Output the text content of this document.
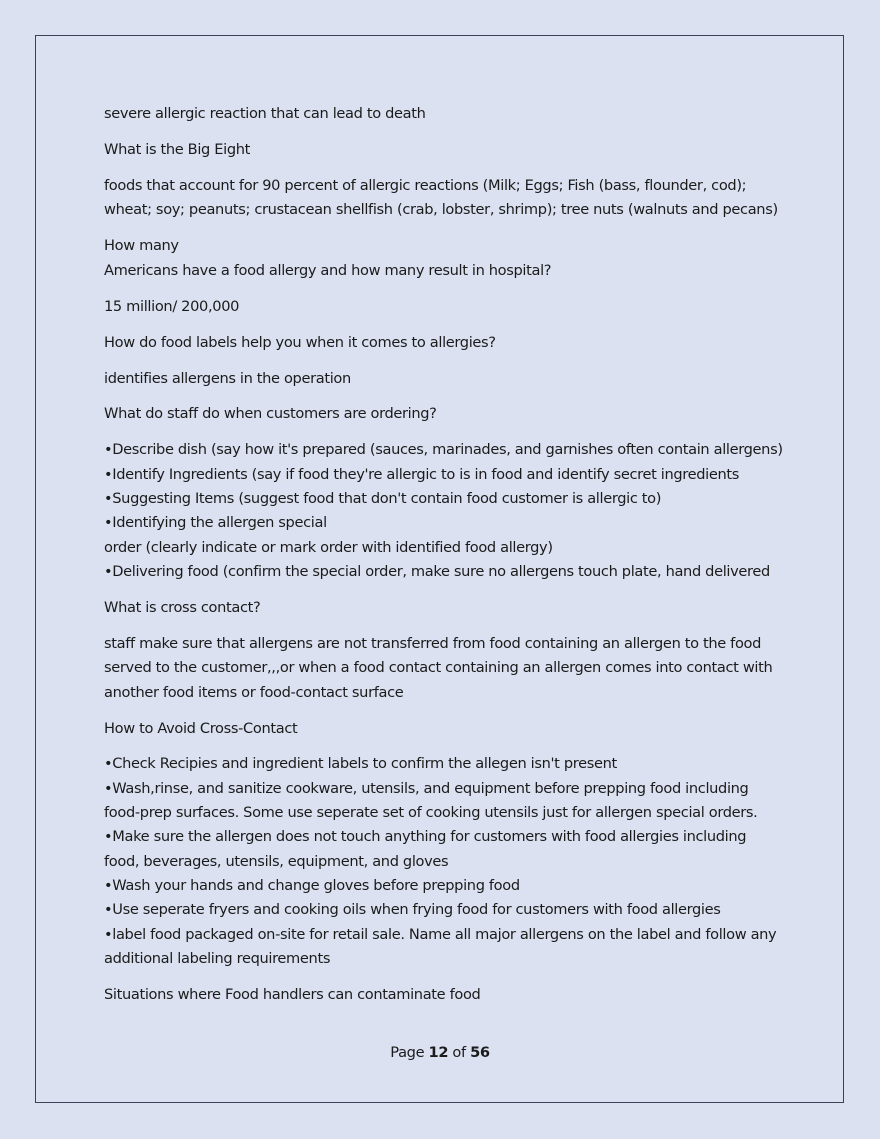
severe allergic reaction that can lead to death

What is the Big Eight

foods that account for 90 percent of allergic reactions (Milk; Eggs; Fish (bass, flounder, cod);
wheat; soy; peanuts; crustacean shellfish (crab, lobster, shrimp); tree nuts (walnuts and pecans)

How many
Americans have a food allergy and how many result in hospital?

15 million/ 200,000

How do food labels help you when it comes to allergies?

identifies allergens in the operation

What do staff do when customers are ordering?

•Describe dish (say how it's prepared (sauces, marinades, and garnishes often contain allergens)
•Identify Ingredients (say if food they're allergic to is in food and identify secret ingredients
•Suggesting Items (suggest food that don't contain food customer is allergic to)
•Identifying the allergen special
order (clearly indicate or mark order with identified food allergy)
•Delivering food (confirm the special order, make sure no allergens touch plate, hand delivered

What is cross contact?

staff make sure that allergens are not transferred from food containing an allergen to the food
served to the customer,,,or when a food contact containing an allergen comes into contact with
another food items or food-contact surface

How to Avoid Cross-Contact

•Check Recipies and ingredient labels to confirm the allegen isn't present
•Wash,rinse, and sanitize cookware, utensils, and equipment before prepping food including
food-prep surfaces. Some use seperate set of cooking utensils just for allergen special orders.
•Make sure the allergen does not touch anything for customers with food allergies including
food, beverages, utensils, equipment, and gloves
•Wash your hands and change gloves before prepping food
•Use seperate fryers and cooking oils when frying food for customers with food allergies
•label food packaged on-site for retail sale. Name all major allergens on the label and follow any
additional labeling requirements

Situations where Food handlers can contaminate food

Page 12 of 56
